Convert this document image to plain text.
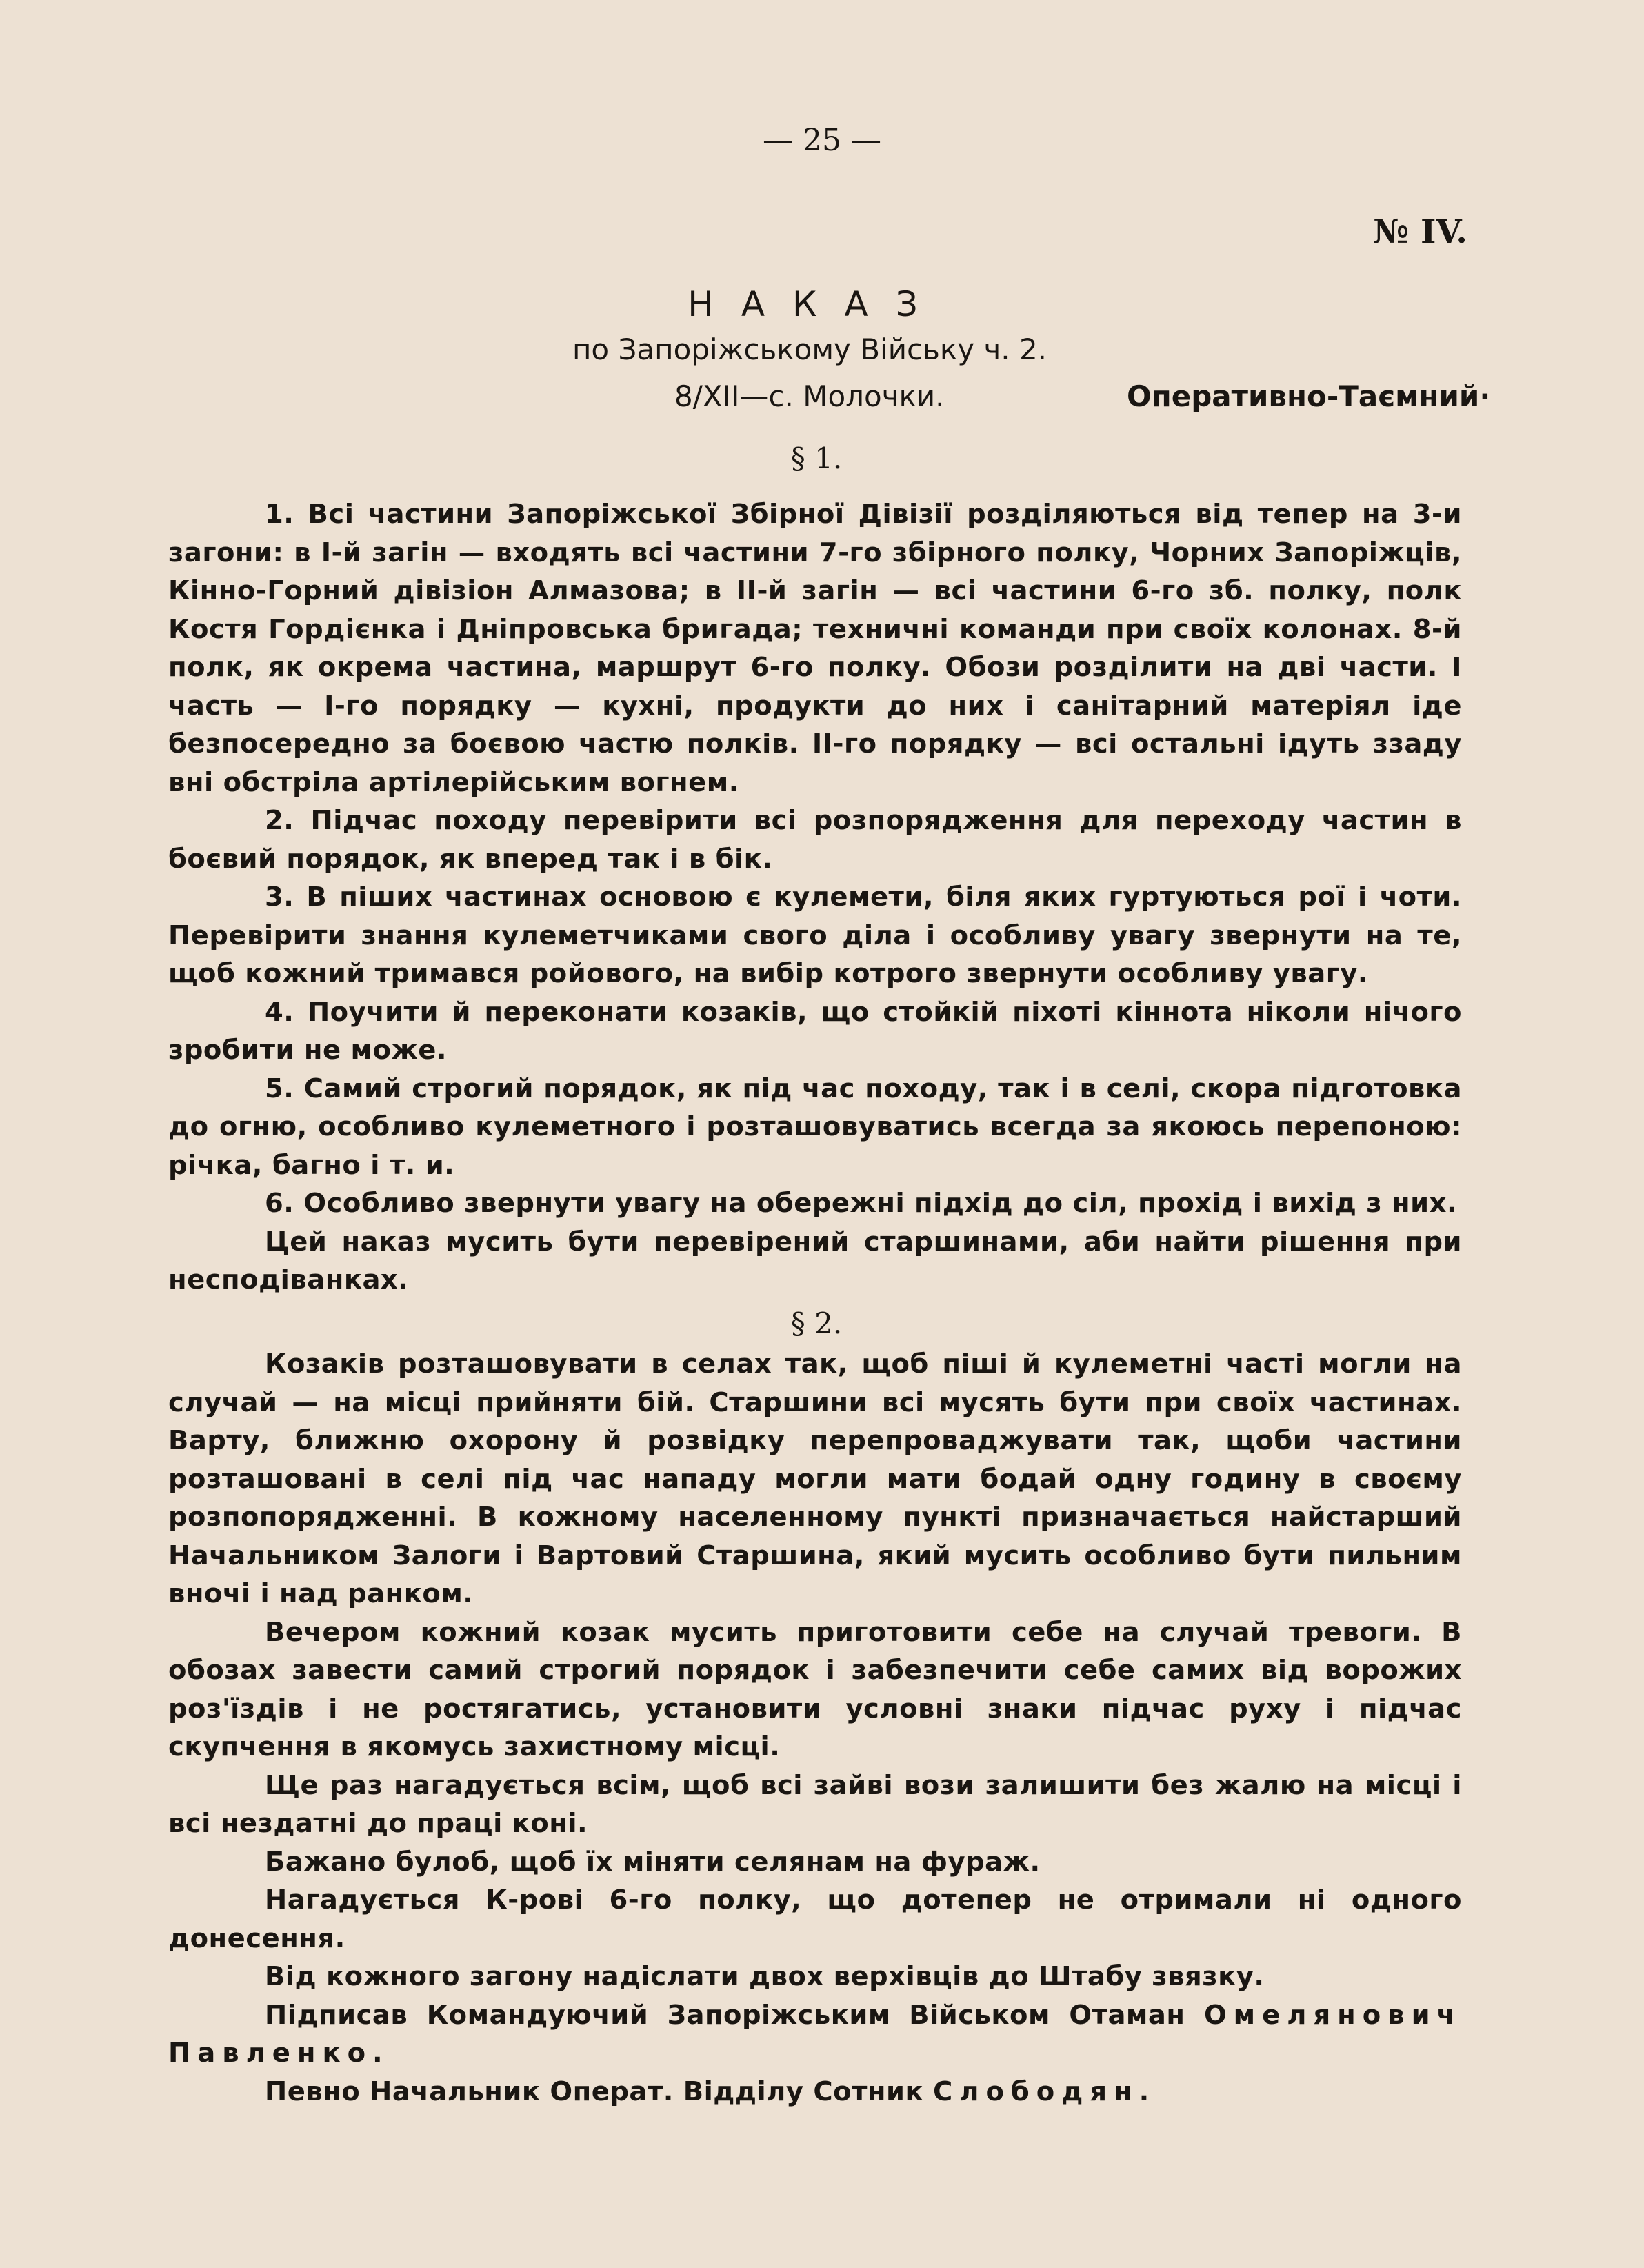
— 25 —
№ IV.
НАКАЗ
по Запоріжському Війську ч. 2.
8/XII—с. Молочки.	Оперативно-Таємний·
§ 1.

1. Всі частини Запоріжської Збірної Дівізії розділяються від тепер на 3-и загони: в І-й загін — входять всі частини 7-го збірного полку, Чорних Запоріжців, Кінно-Горний дівізіон Алмазова; в ІІ-й загін — всі частини 6-го зб. полку, полк Костя Гордієнка і Дніпровська бригада; техничні команди при своїх колонах. 8-й полк, як окрема частина, маршрут 6-го полку. Обози розділити на дві части. І часть — І-го порядку — кухні, продукти до них і санітарний матеріял іде безпосередно за боєвою частю полків. ІІ-го порядку — всі остальні ідуть ззаду вні обстріла артілерійським вогнем.

2. Підчас походу перевірити всі розпорядження для переходу частин в боєвий порядок, як вперед так і в бік.

3. В піших частинах основою є кулемети, біля яких гуртуються рої і чоти. Перевірити знання кулеметчиками свого діла і особливу увагу звернути на те, щоб кожний тримався ройового, на вибір котрого звернути особливу увагу.

4. Поучити й переконати козаків, що стойкій піхоті кіннота ніколи нічого зробити не може.

5. Самий строгий порядок, як під час походу, так і в селі, скора підготовка до огню, особливо кулеметного і розташовуватись всегда за якоюсь перепоною: річка, багно і т. и.

6. Особливо звернути увагу на обережні підхід до сіл, прохід і вихід з них.

Цей наказ мусить бути перевірений старшинами, аби найти рішення при несподіванках.

§ 2.

Козаків розташовувати в селах так, щоб піші й кулеметні часті могли на случай — на місці прийняти бій. Старшини всі мусять бути при своїх частинах. Варту, ближню охорону й розвідку перепроваджувати так, щоби частини розташовані в селі під час нападу могли мати бодай одну годину в своєму розпопорядженні. В кожному населенному пункті призначається найстарший Начальником Залоги і Вартовий Старшина, який мусить особливо бути пильним вночі і над ранком.

Вечером кожний козак мусить приготовити себе на случай тревоги. В обозах завести самий строгий порядок і забезпечити себе самих від ворожих роз'їздів і не ростягатись, установити условні знаки підчас руху і підчас скупчення в якомусь захистному місці.

Ще раз нагадується всім, щоб всі зайві вози залишити без жалю на місці і всі нездатні до праці коні.

Бажано булоб, щоб їх міняти селянам на фураж.

Нагадується К-рові 6-го полку, що дотепер не отримали ні одного донесення.

Від кожного загону надіслати двох верхівців до Штабу звязку.

Підписав Командуючий Запоріжським Військом Отаман Омелянович Павленко.

Певно Начальник Операт. Відділу Сотник Слободян.
